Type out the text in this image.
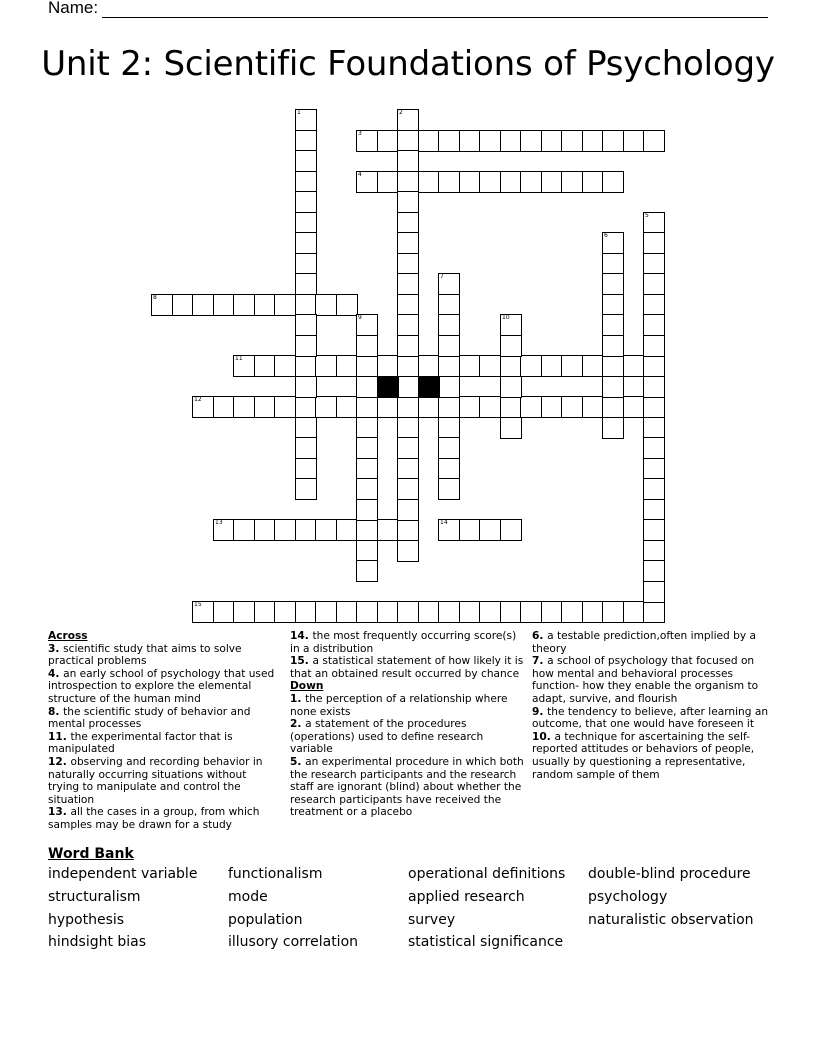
Name:
Unit 2: Scientific Foundations of Psychology
3
4
8
11
12
13	14
15
1	2
5
6
7
9	10

Across

3. scientific study that aims to solve practical problems

4. an early school of psychology that used introspection to explore the elemental structure of the human mind

8. the scientific study of behavior and mental processes

11. the experimental factor that is manipulated

12. observing and recording behavior in naturally occurring situations without trying to manipulate and control the situation

13. all the cases in a group, from which samples may be drawn for a study

14. the most frequently occurring score(s) in a distribution

15. a statistical statement of how likely it is that an obtained result occurred by chance

Down

1. the perception of a relationship where none exists

2. a statement of the procedures (operations) used to define research variable

5. an experimental procedure in which both the research participants and the research staff are ignorant (blind) about whether the research participants have received the treatment or a placebo

6. a testable prediction,often implied by a theory

7. a school of psychology that focused on how mental and behavioral processes function- how they enable the organism to adapt, survive, and flourish

9. the tendency to believe, after learning an outcome, that one would have foreseen it

10. a technique for ascertaining the self-reported attitudes or behaviors of people, usually by questioning a representative, random sample of them

Word Bank
independent variable
structuralism
hypothesis
hindsight bias
functionalism
mode
population
illusory correlation
operational definitions
applied research
survey
statistical significance
double-blind procedure
psychology
naturalistic observation
